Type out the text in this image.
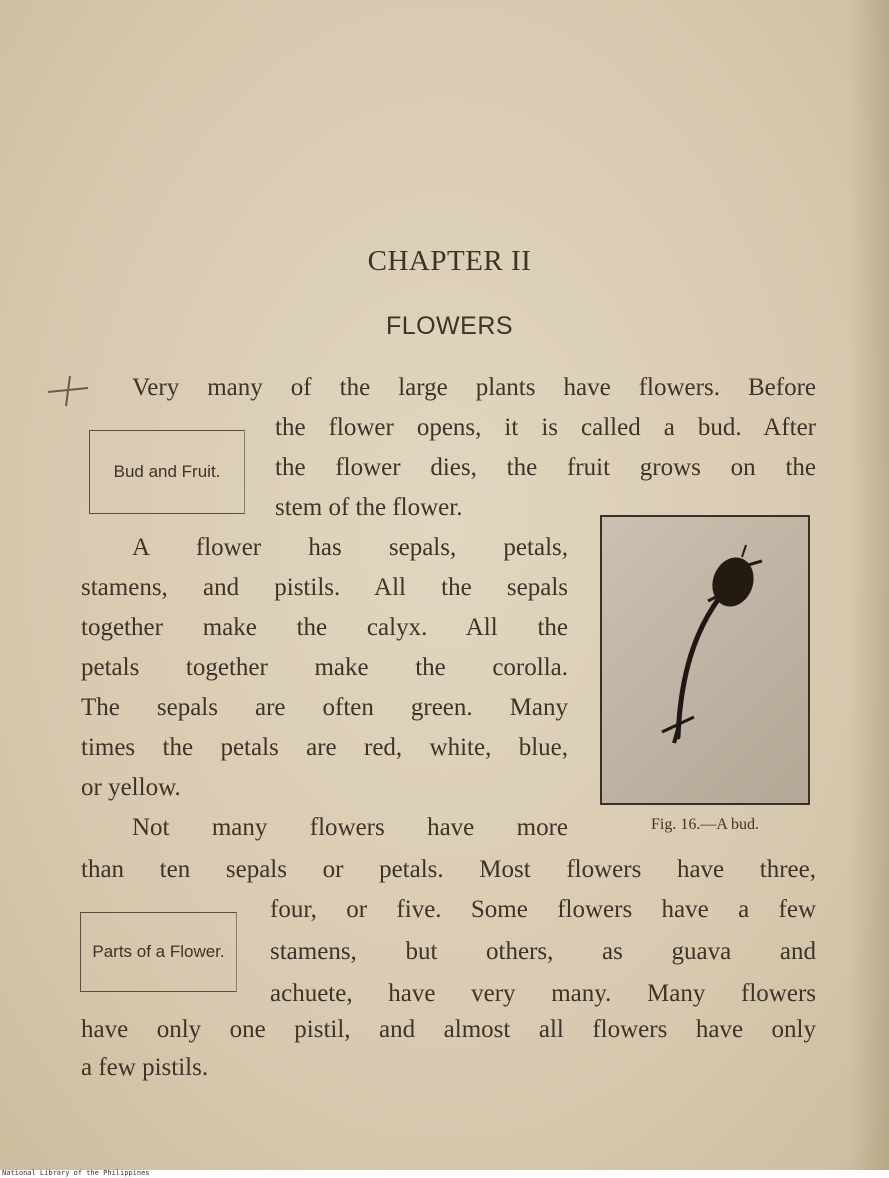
CHAPTER II
FLOWERS
Very many of the large plants have flowers. Before
Bud and Fruit.
the flower opens, it is called a bud. After
the flower dies, the fruit grows on the
stem of the flower.
A flower has sepals, petals,
stamens, and pistils. All the sepals
together make the calyx. All the
petals together make the corolla.
The sepals are often green. Many
times the petals are red, white, blue,
or yellow.
Not many flowers have more	Fig. 16.—A bud.
than ten sepals or petals. Most flowers have three,
Parts of a Flower.
four, or five. Some flowers have a few
stamens, but others, as guava and
achuete, have very many. Many flowers
have only one pistil, and almost all flowers have only
a few pistils.
National Library of the Philippines
